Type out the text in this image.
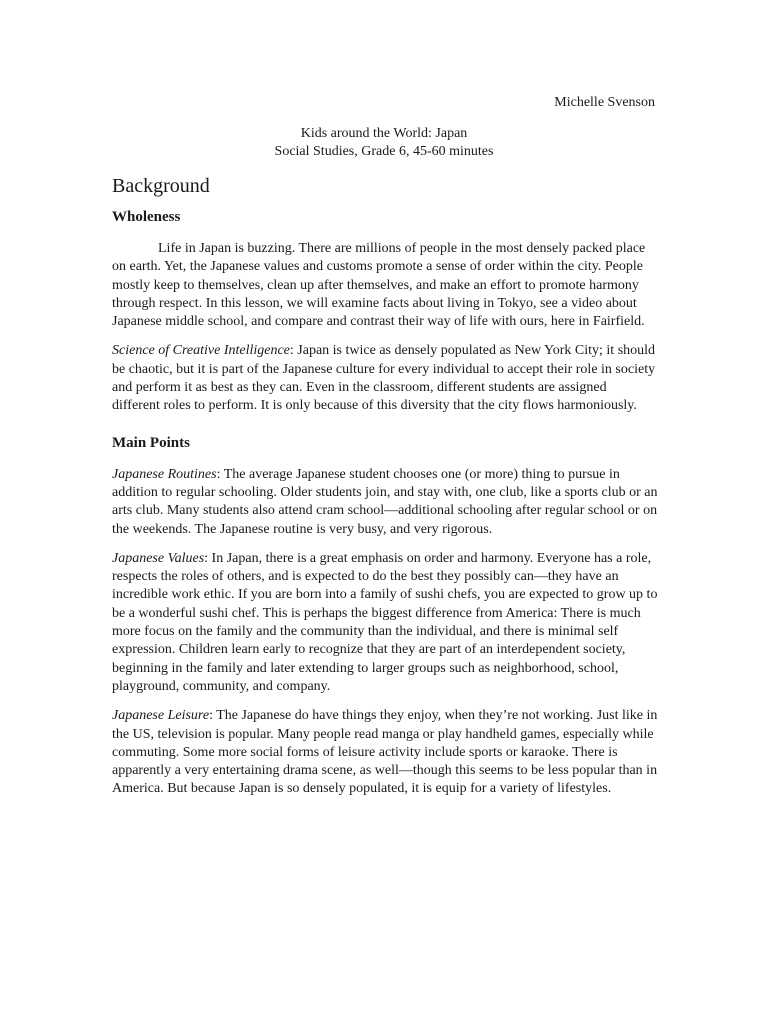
Michelle Svenson
Kids around the World: Japan
Social Studies, Grade 6, 45-60 minutes
Background
Wholeness

Life in Japan is buzzing. There are millions of people in the most densely packed place on earth. Yet, the Japanese values and customs promote a sense of order within the city. People mostly keep to themselves, clean up after themselves, and make an effort to promote harmony through respect. In this lesson, we will examine facts about living in Tokyo, see a video about Japanese middle school, and compare and contrast their way of life with ours, here in Fairfield.

Science of Creative Intelligence: Japan is twice as densely populated as New York City; it should be chaotic, but it is part of the Japanese culture for every individual to accept their role in society and perform it as best as they can. Even in the classroom, different students are assigned different roles to perform. It is only because of this diversity that the city flows harmoniously.

Main Points

Japanese Routines: The average Japanese student chooses one (or more) thing to pursue in addition to regular schooling. Older students join, and stay with, one club, like a sports club or an arts club. Many students also attend cram school—additional schooling after regular school or on the weekends. The Japanese routine is very busy, and very rigorous.

Japanese Values: In Japan, there is a great emphasis on order and harmony. Everyone has a role, respects the roles of others, and is expected to do the best they possibly can—they have an incredible work ethic. If you are born into a family of sushi chefs, you are expected to grow up to be a wonderful sushi chef. This is perhaps the biggest difference from America: There is much more focus on the family and the community than the individual, and there is minimal self expression. Children learn early to recognize that they are part of an interdependent society, beginning in the family and later extending to larger groups such as neighborhood, school, playground, community, and company.

Japanese Leisure: The Japanese do have things they enjoy, when they’re not working. Just like in the US, television is popular. Many people read manga or play handheld games, especially while commuting. Some more social forms of leisure activity include sports or karaoke. There is apparently a very entertaining drama scene, as well—though this seems to be less popular than in America. But because Japan is so densely populated, it is equip for a variety of lifestyles.
